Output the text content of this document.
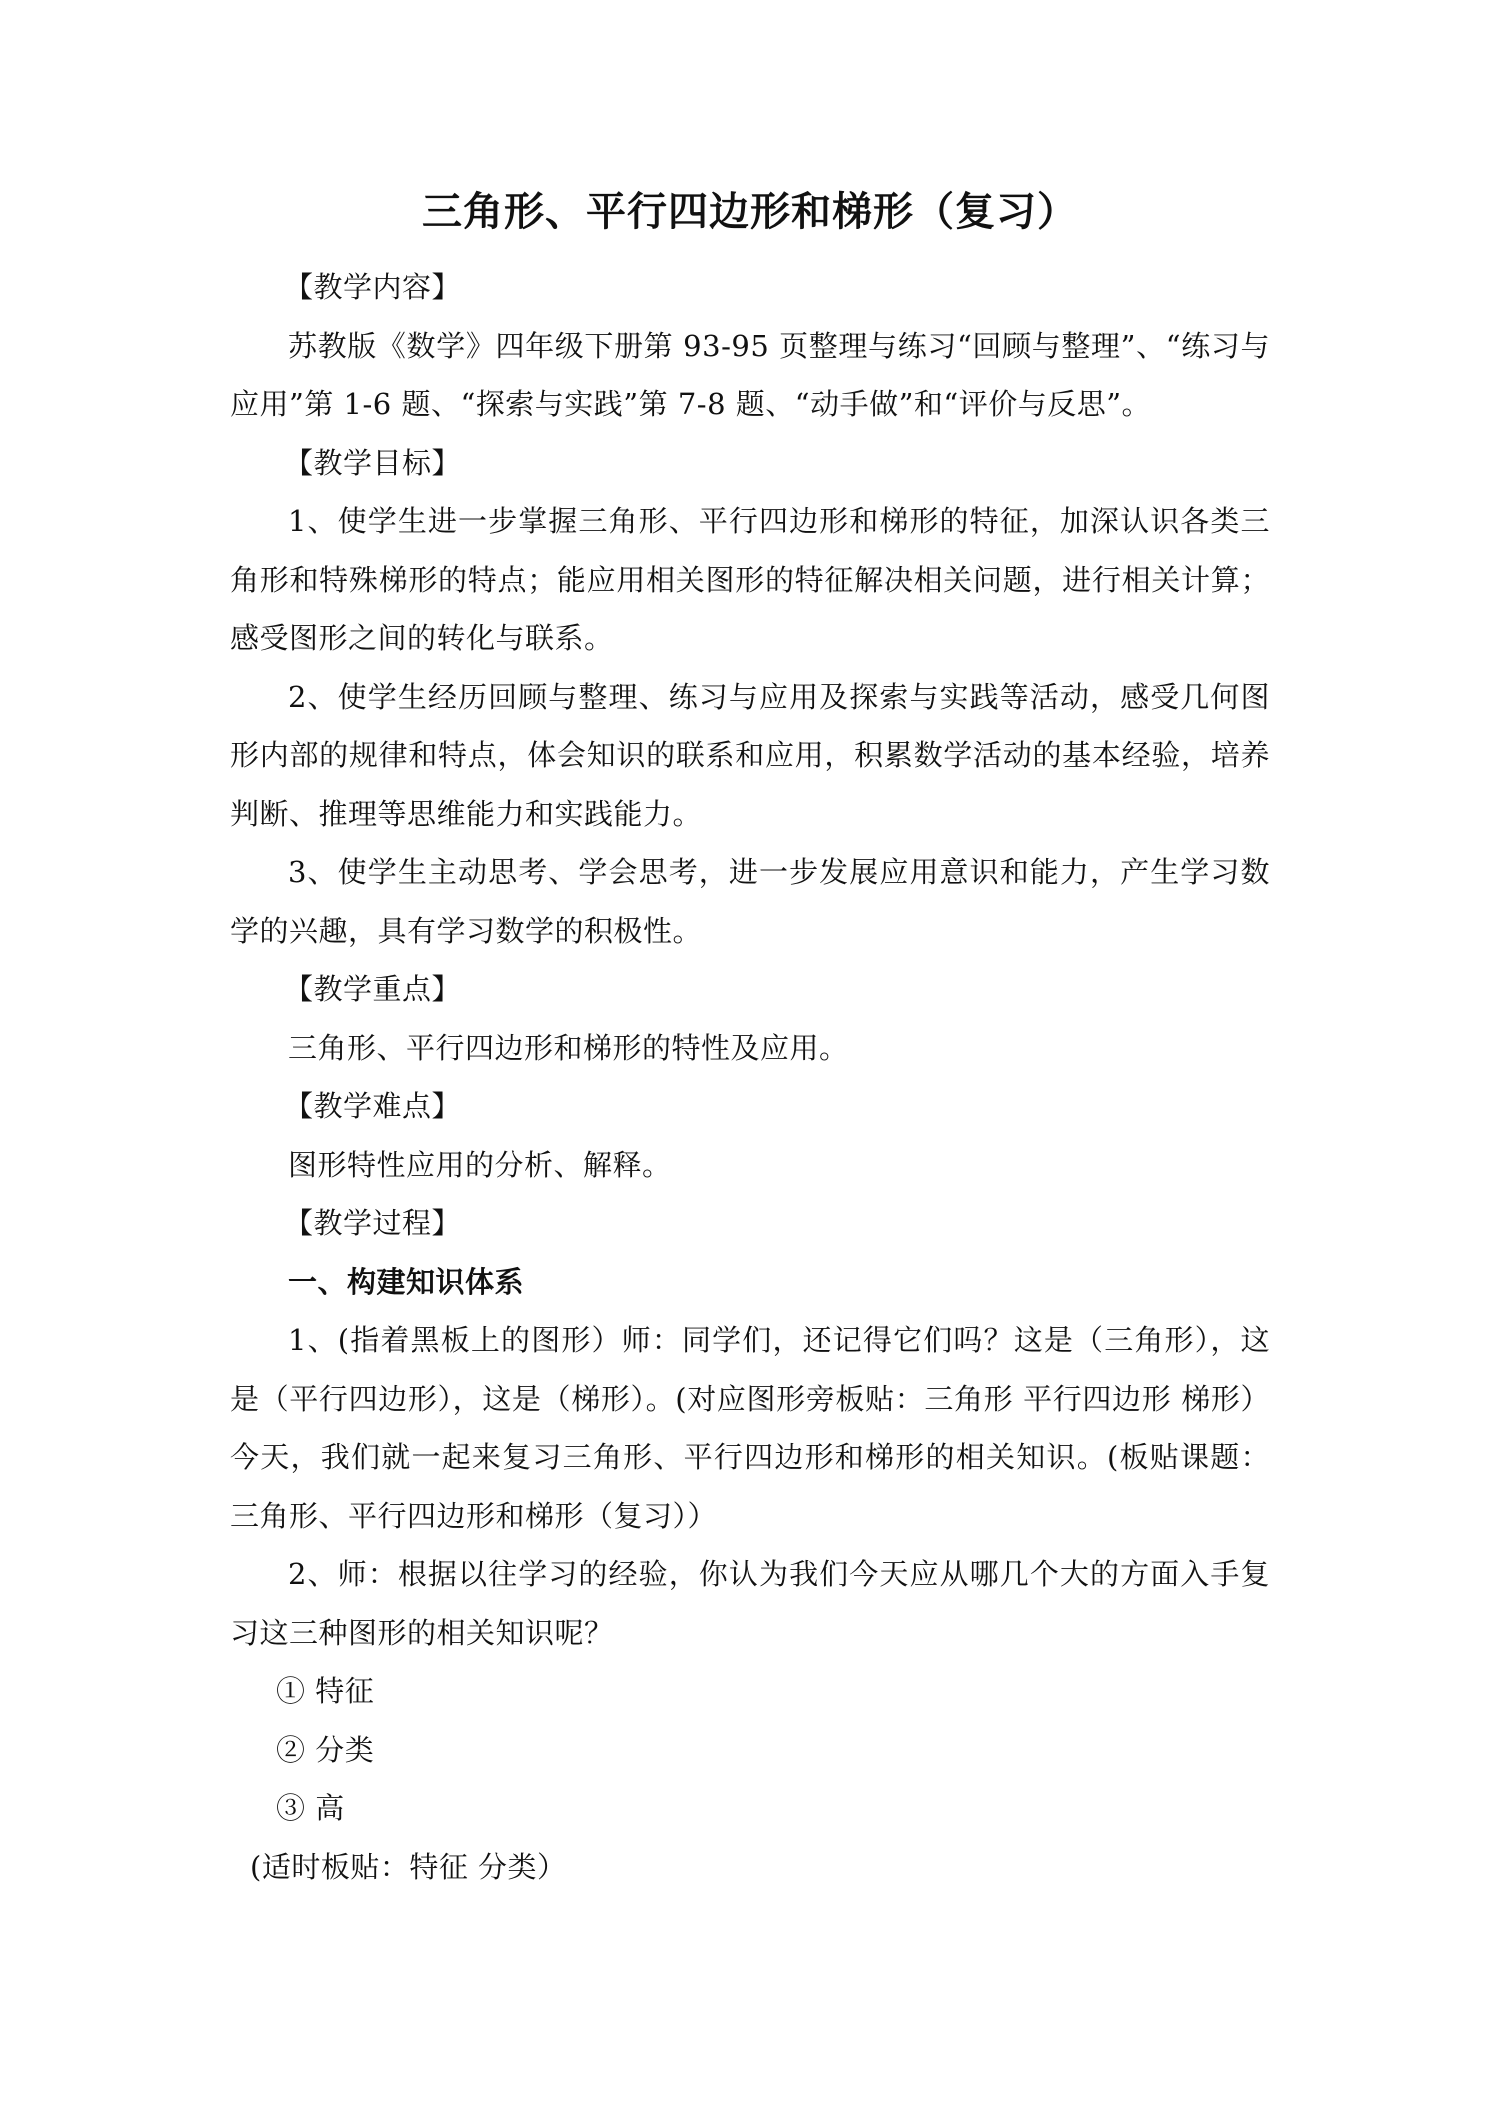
三角形、平行四边形和梯形（复习）

【教学内容】

苏教版《数学》四年级下册第 93-95 页整理与练习“回顾与整理”、“练习与应用”第 1-6 题、“探索与实践”第 7-8 题、“动手做”和“评价与反思”。

【教学目标】

1、使学生进一步掌握三角形、平行四边形和梯形的特征，加深认识各类三角形和特殊梯形的特点；能应用相关图形的特征解决相关问题，进行相关计算；感受图形之间的转化与联系。

2、使学生经历回顾与整理、练习与应用及探索与实践等活动，感受几何图形内部的规律和特点，体会知识的联系和应用，积累数学活动的基本经验，培养判断、推理等思维能力和实践能力。

3、使学生主动思考、学会思考，进一步发展应用意识和能力，产生学习数学的兴趣，具有学习数学的积极性。

【教学重点】

三角形、平行四边形和梯形的特性及应用。

【教学难点】

图形特性应用的分析、解释。

【教学过程】

一、构建知识体系

1、(指着黑板上的图形）师：同学们，还记得它们吗？这是（三角形），这是（平行四边形），这是（梯形）。(对应图形旁板贴：三角形 平行四边形 梯形）今天，我们就一起来复习三角形、平行四边形和梯形的相关知识。(板贴课题：三角形、平行四边形和梯形（复习））

2、师：根据以往学习的经验，你认为我们今天应从哪几个大的方面入手复习这三种图形的相关知识呢？

① 特征

② 分类

③ 高

(适时板贴：特征 分类）
